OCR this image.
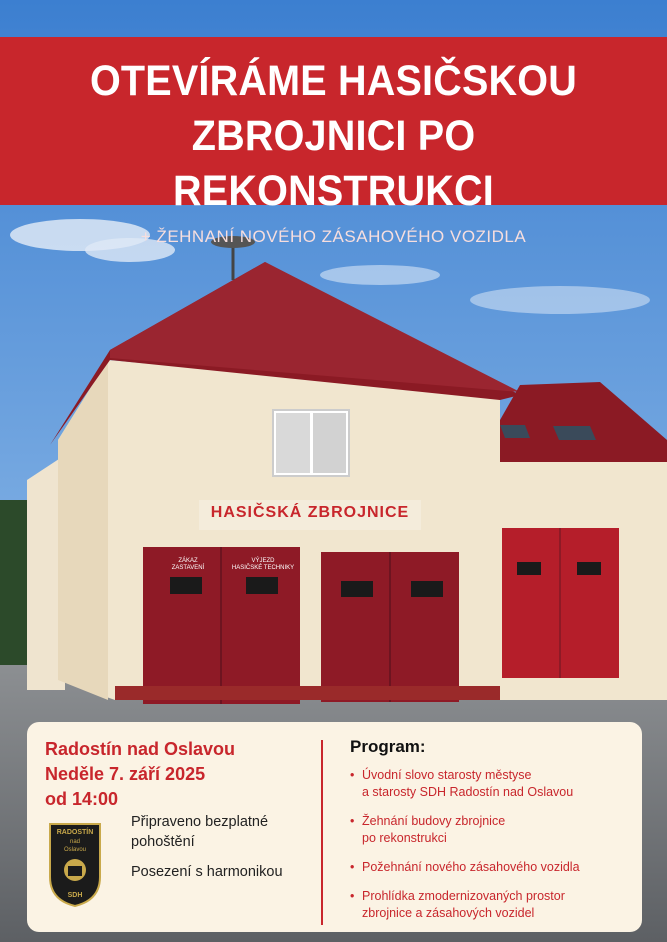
HASIČSKÁ ZBROJNICE
ZÁKAZ
ZASTAVENÍ
VÝJEZD
HASIČSKÉ TECHNIKY
OTEVÍRÁME HASIČSKOU
ZBROJNICI PO REKONSTRUKCI
+ ŽEHNANÍ NOVÉHO ZÁSAHOVÉHO VOZIDLA
Radostín nad Oslavou
Neděle 7. září 2025
od 14:00
RADOSTÍN
nad
Oslavou
SDH
Připraveno bezplatné
pohoštění
Posezení s harmonikou
Program:
• Úvodní slovo starosty městyse
a starosty SDH Radostín nad Oslavou
• Žehnání budovy zbrojnice
po rekonstrukci
• Požehnání nového zásahového vozidla
• Prohlídka zmodernizovaných prostor
zbrojnice a zásahových vozidel
